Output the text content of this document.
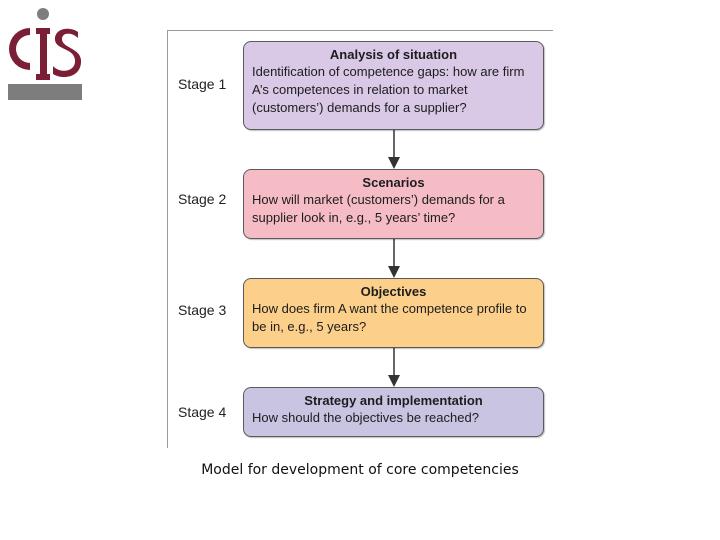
Stage 1
Analysis of situation
Identification of competence gaps: how are firm A’s competences in relation to market (customers’) demands for a supplier?
Stage 2
Scenarios
How will market (customers’) demands for a supplier look in, e.g., 5 years’ time?
Stage 3
Objectives
How does firm A want the competence profile to be in, e.g., 5 years?
Stage 4
Strategy and implementation
How should the objectives be reached?
Model for development of core competencies
